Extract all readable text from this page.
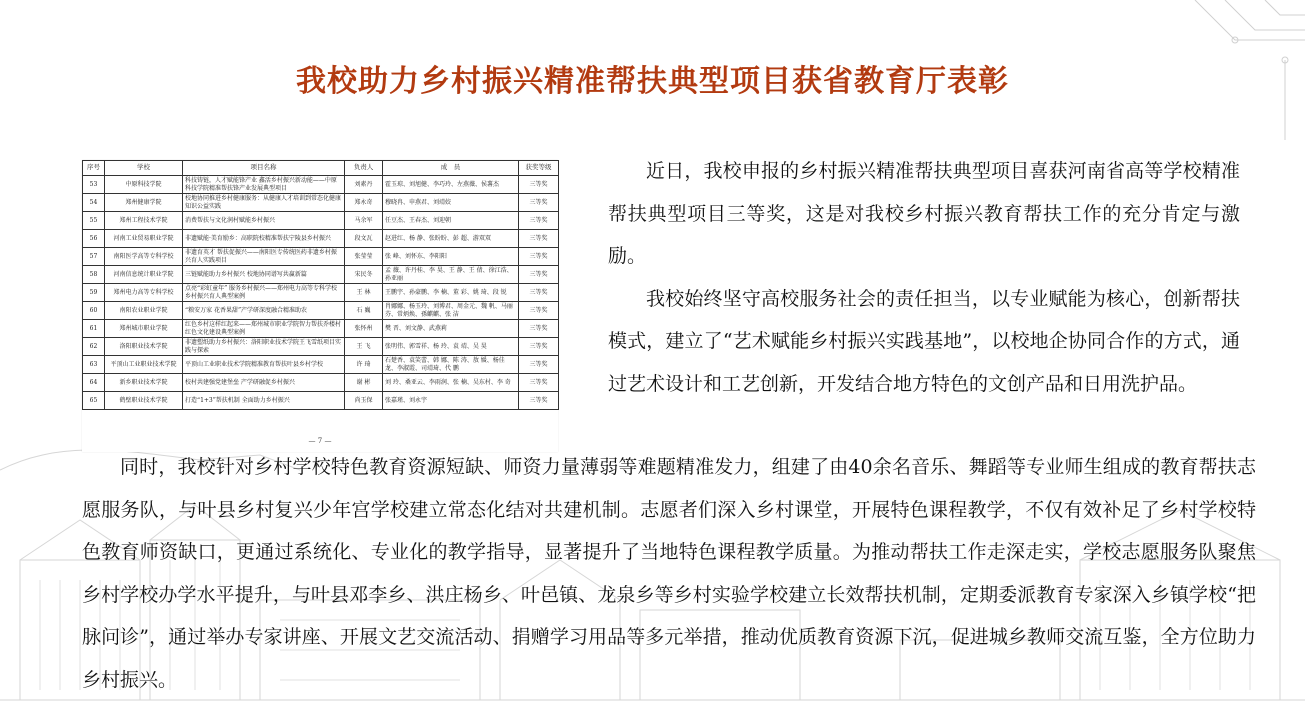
我校助力乡村振兴精准帮扶典型项目获省教育厅表彰
序号	学校	项目名称	负责人	成　员	获奖等级
53	中原科技学院	科技铸链，人才赋能锋产业 鑫活乡村振兴新动能——中原科技学院精准帮扶锋产业发展典型项目	刘素丹	霍玉琼、刘旭健、李巧玲、左燕薇、侯薯杰	三等奖
54	郑州健康学院	校地协同推进乡村健康服务：从健康人才培训到常态化健康知识公益实践	郑永奇	穆晓冉、申燕君、刘靖姣	三等奖
55	郑州工程技术学院	消费帮扶与文化润村赋能乡村振兴	马余军	任豆杰、王春杰、刘迎朝	三等奖
56	河南工业贸易职业学院	非遗赋能·美育励乡：高职院校精准帮扶宁陵县乡村振兴	段文瓦	赵进红、杨 静、张盼盼、彭 超、游双双	三等奖
57	南阳医学高等专科学校	非遗育英才 帮扶促振兴——南阳医专传统医药非遗乡村振兴育人实践项目	张莹莹	张 峰、刘怀东、李阳阳	三等奖
58	河南信息统计职业学院	三链赋能助力乡村振兴 校地协同谱写共赢新篇	宋民冬	孟 薇、许丹桂、李 昊、王 静、王 倩、徐江浩、孙亚丽	三等奖
59	郑州电力高等专科学校	点亮“彩虹童年” 服务乡村振兴——郑州电力高等专科学校乡村振兴育人典型案例	王 林	王鹏宇、孙豪鹏、李 楠、董 彩、姚 琦、段 锐	三等奖
60	南阳农业职业学院	“粮安万家 花香果甜”产学研深度融合精准助农	石 巍	肖娜娜、杨玉玲、刘博君、周金元、魏 帆、马丽芬、常炳焕、孫麒麒、张 洁	三等奖
61	郑州城市职业学院	红色乡村这样红起来——郑州城市职业学院智力帮扶乔楼村红色文化建设典型案例	张怀州	樊 晋、刘文静、武燕莉	三等奖
62	洛阳职业技术学院	非遗塑纸助力乡村振兴：洛阳职业技术学院王飞雪纸项目实践与探索	王 飞	张明伟、郭雪祥、杨 玲、袁 靖、吴 昊	三等奖
63	平顶山工业职业技术学院	平顶山工业职业技术学院精准教育帮扶叶县乡村学校	许 琦	石楚香、袁笑蕾、韩 娜、陈 涛、敖 媛、杨佳龙、李淑霞、司靖琦、代 鹏	三等奖
64	新乡职业技术学院	校村共建强党建堡垒 产学研融促乡村振兴	谢 彬	刘 玲、桑亚云、李雨润、张 楠、吴东村、李 奇	三等奖
65	鹤壁职业技术学院	打造“1+3”帮扶机制 全面助力乡村振兴	尚玉保	张嘉瑾、刘永宇	三等奖
— 7 —

近日，我校申报的乡村振兴精准帮扶典型项目喜获河南省高等学校精准帮扶典型项目三等奖，这是对我校乡村振兴教育帮扶工作的充分肯定与激励。

我校始终坚守高校服务社会的责任担当，以专业赋能为核心，创新帮扶模式，建立了“艺术赋能乡村振兴实践基地”，以校地企协同合作的方式，通过艺术设计和工艺创新，开发结合地方特色的文创产品和日用洗护品。

同时，我校针对乡村学校特色教育资源短缺、师资力量薄弱等难题精准发力，组建了由40余名音乐、舞蹈等专业师生组成的教育帮扶志愿服务队，与叶县乡村复兴少年宫学校建立常态化结对共建机制。志愿者们深入乡村课堂，开展特色课程教学，不仅有效补足了乡村学校特色教育师资缺口，更通过系统化、专业化的教学指导，显著提升了当地特色课程教学质量。为推动帮扶工作走深走实，学校志愿服务队聚焦乡村学校办学水平提升，与叶县邓李乡、洪庄杨乡、叶邑镇、龙泉乡等乡村实验学校建立长效帮扶机制，定期委派教育专家深入乡镇学校“把脉问诊”，通过举办专家讲座、开展文艺交流活动、捐赠学习用品等多元举措，推动优质教育资源下沉，促进城乡教师交流互鉴，全方位助力乡村振兴。
